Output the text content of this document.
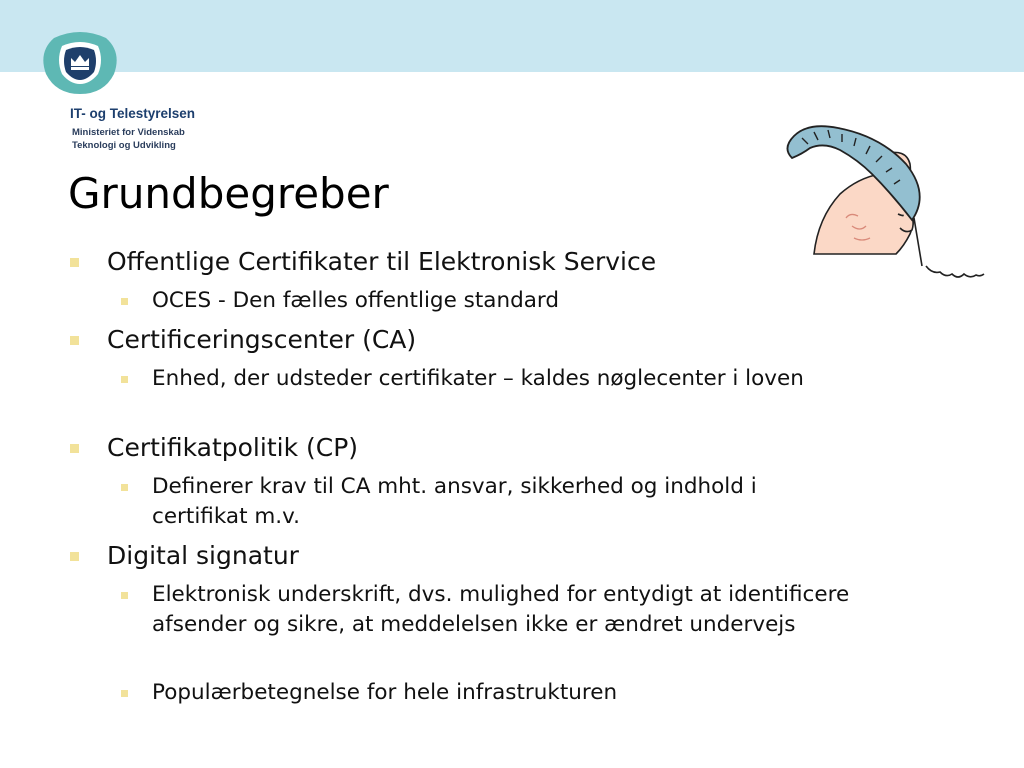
IT- og Telestyrelsen
Ministeriet for Videnskab
Teknologi og Udvikling
Grundbegreber
Offentlige Certifikater til Elektronisk Service
OCES - Den fælles offentlige standard
Certificeringscenter (CA)
Enhed, der udsteder certifikater – kaldes nøglecenter i loven
Certifikatpolitik (CP)
Definerer krav til CA mht. ansvar, sikkerhed og indhold i certifikat m.v.
Digital signatur
Elektronisk underskrift, dvs. mulighed for entydigt at identificere afsender og sikre, at meddelelsen ikke er ændret undervejs
Populærbetegnelse for hele infrastrukturen
